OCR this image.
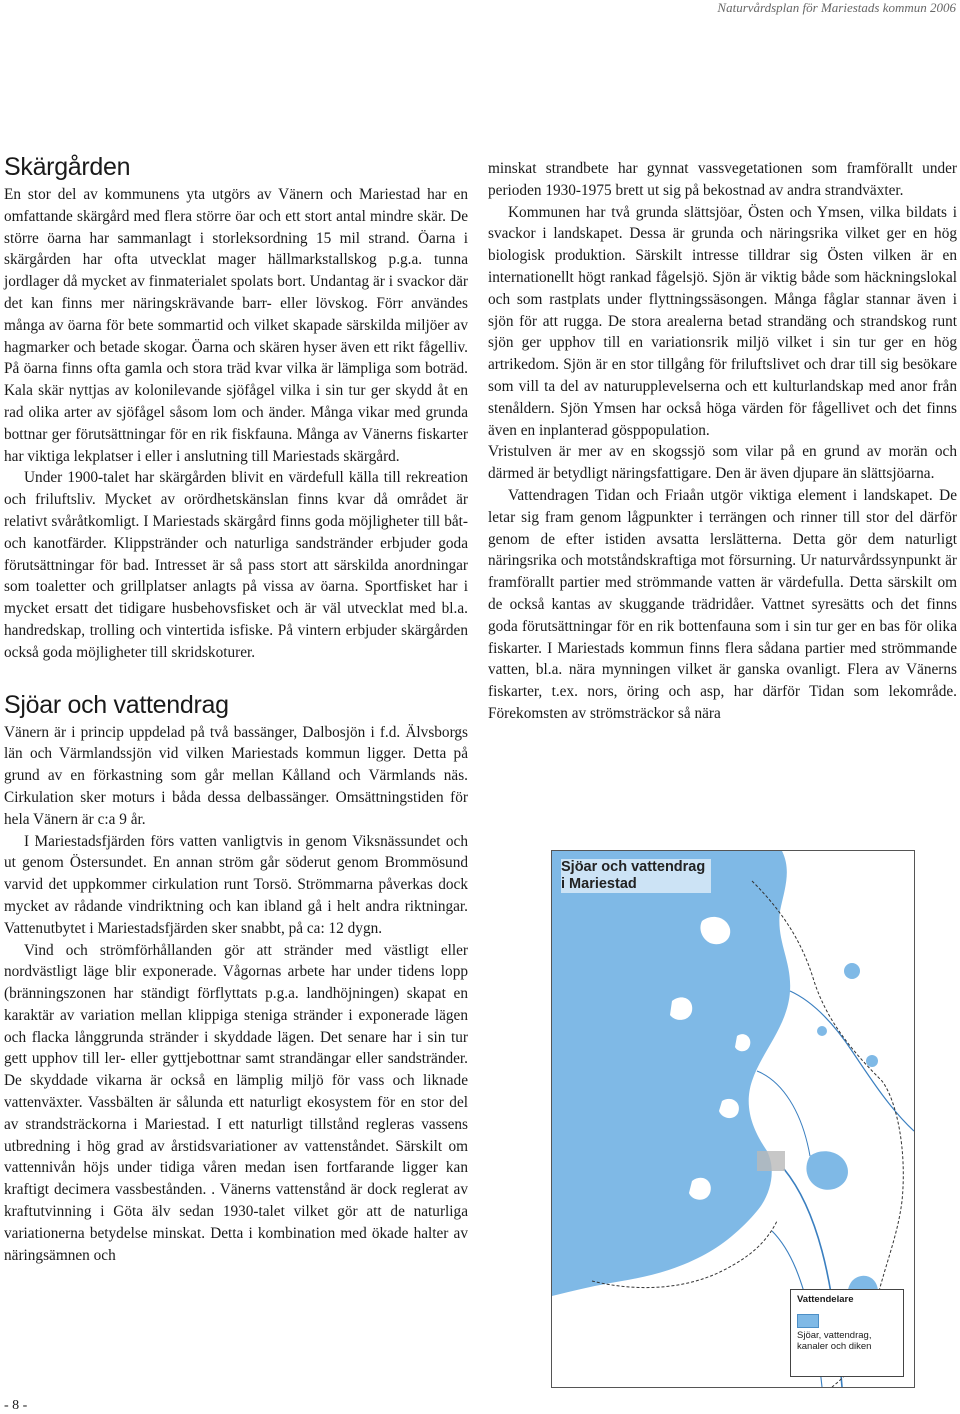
Naturvårdsplan för Mariestads kommun 2006
Skärgården

En stor del av kommunens yta utgörs av Vänern och Mariestad har en omfattande skärgård med flera större öar och ett stort antal mindre skär. De större öarna har sammanlagt i storleksordning 15 mil strand. Öarna i skärgården har ofta utvecklat mager hällmarkstallskog p.g.a. tunna jordlager då mycket av finmaterialet spolats bort. Undantag är i svackor där det kan finns mer näringskrävande barr- eller lövskog. Förr användes många av öarna för bete sommartid och vilket skapade särskilda miljöer av hagmarker och betade skogar. Öarna och skären hyser även ett rikt fågelliv. På öarna finns ofta gamla och stora träd kvar vilka är lämpliga som boträd. Kala skär nyttjas av kolonilevande sjöfågel vilka i sin tur ger skydd åt en rad olika arter av sjöfågel såsom lom och änder. Många vikar med grunda bottnar ger förutsättningar för en rik fiskfauna. Många av Vänerns fiskarter har viktiga lekplatser i eller i anslutning till Mariestads skärgård.

Under 1900-talet har skärgården blivit en värdefull källa till rekreation och friluftsliv. Mycket av orördhetskänslan finns kvar då området är relativt svåråtkomligt. I Mariestads skärgård finns goda möjligheter till båt- och kanotfärder. Klippstränder och naturliga sandstränder erbjuder goda förutsättningar för bad. Intresset är så pass stort att särskilda anordningar som toaletter och grillplatser anlagts på vissa av öarna. Sportfisket har i mycket ersatt det tidigare husbehovsfisket och är väl utvecklat med bl.a. handredskap, trolling och vintertida isfiske. På vintern erbjuder skärgården också goda möjligheter till skridskoturer.

Sjöar och vattendrag

Vänern är i princip uppdelad på två bassänger, Dalbosjön i f.d. Älvsborgs län och Värmlandssjön vid vilken Mariestads kommun ligger. Detta på grund av en förkastning som går mellan Kålland och Värmlands näs. Cirkulation sker moturs i båda dessa delbassänger. Omsättningstiden för hela Vänern är c:a 9 år.

I Mariestadsfjärden förs vatten vanligtvis in genom Viksnässundet och ut genom Östersundet. En annan ström går söderut genom Brommösund varvid det uppkommer cirkulation runt Torsö. Strömmarna påverkas dock mycket av rådande vindriktning och kan ibland gå i helt andra riktningar. Vattenutbytet i Mariestadsfjärden sker snabbt, på ca: 12 dygn.

Vind och strömförhållanden gör att stränder med västligt eller nordvästligt läge blir exponerade. Vågornas arbete har under tidens lopp (bränningszonen har ständigt förflyttats p.g.a. landhöjningen) skapat en karaktär av variation mellan klippiga steniga stränder i exponerade lägen och flacka långgrunda stränder i skyddade lägen. Det senare har i sin tur gett upphov till ler- eller gyttjebottnar samt strandängar eller sandstränder. De skyddade vikarna är också en lämplig miljö för vass och liknade vattenväxter. Vassbälten är sålunda ett naturligt ekosystem för en stor del av strandsträckorna i Mariestad. I ett naturligt tillstånd regleras vassens utbredning i hög grad av årstidsvariationer av vattenståndet. Särskilt om vattennivån höjs under tidiga våren medan isen fortfarande ligger kan kraftigt decimera vassbestånden. . Vänerns vattenstånd är dock reglerat av kraftutvinning i Göta älv sedan 1930-talet vilket gör att de naturliga variationerna betydelse minskat. Detta i kombination med ökade halter av näringsämnen och

minskat strandbete har gynnat vassvegetationen som framförallt under perioden 1930-1975 brett ut sig på bekostnad av andra strandväxter.

Kommunen har två grunda slättsjöar, Östen och Ymsen, vilka bildats i svackor i landskapet. Dessa är grunda och näringsrika vilket ger en hög biologisk produktion. Särskilt intresse tilldrar sig Östen vilken är en internationellt högt rankad fågelsjö. Sjön är viktig både som häckningslokal och som rastplats under flyttningssäsongen. Många fåglar stannar även i sjön för att rugga. De stora arealerna betad strandäng och strandskog runt sjön ger upphov till en variationsrik miljö vilket i sin tur ger en hög artrikedom. Sjön är en stor tillgång för friluftslivet och drar till sig besökare som vill ta del av naturupplevelserna och ett kulturlandskap med anor från stenåldern. Sjön Ymsen har också höga värden för fågellivet och det finns även en inplanterad gösppopulation.

Vristulven är mer av en skogssjö som vilar på en grund av morän och därmed är betydligt näringsfattigare. Den är även djupare än slättsjöarna.

Vattendragen Tidan och Friaån utgör viktiga element i landskapet. De letar sig fram genom lågpunkter i terrängen och rinner till stor del därför genom de efter istiden avsatta lerslätterna. Detta gör dem naturligt näringsrika och motståndskraftiga mot försurning. Ur naturvårdssynpunkt är framförallt partier med strömmande vatten är värdefulla. Detta särskilt om de också kantas av skuggande trädridåer. Vattnet syresätts och det finns goda förutsättningar för en rik bottenfauna som i sin tur ger en bas för olika fiskarter. I Mariestads kommun finns flera sådana partier med strömmande vatten, bl.a. nära mynningen vilket är ganska ovanligt. Flera av Vänerns fiskarter, t.ex. nors, öring och asp, har därför Tidan som lekområde. Förekomsten av strömsträckor så nära

Sjöar och vattendrag
i Mariestad
Vattendelare
Sjöar, vattendrag, kanaler och diken
- 8 -
